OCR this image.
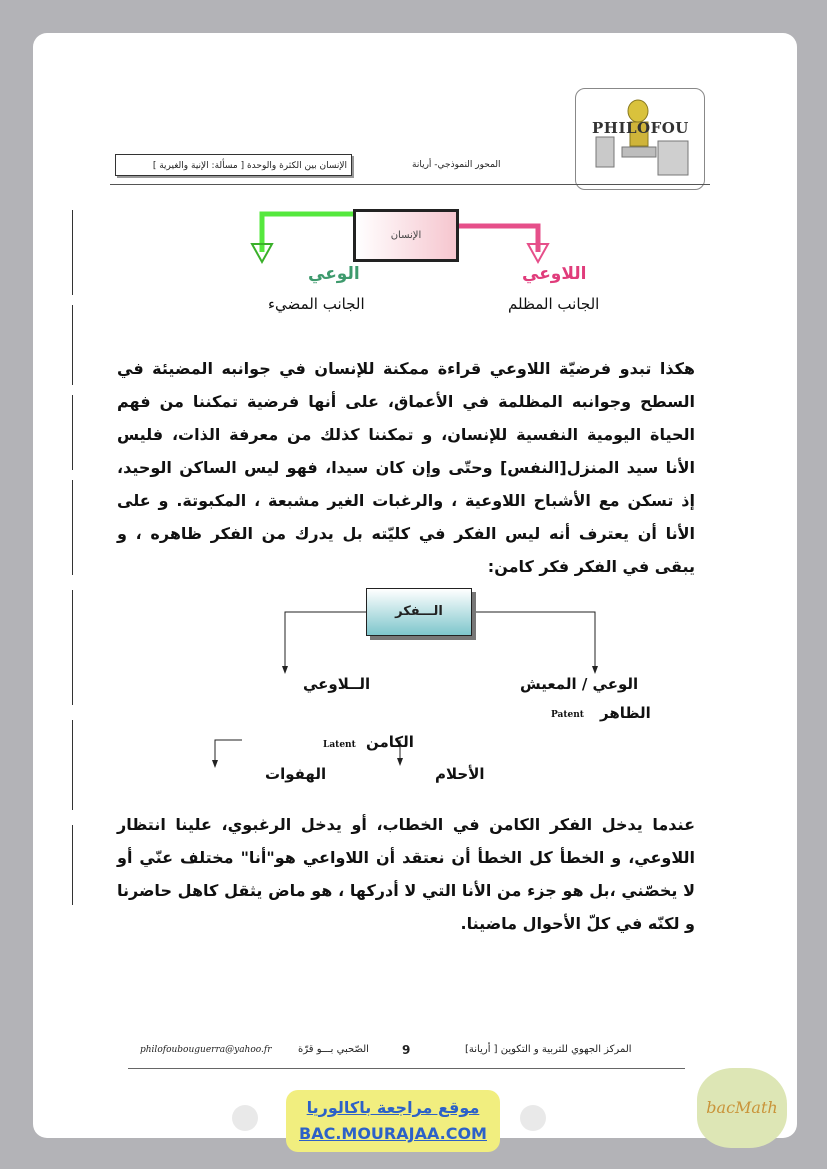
PHILOFOU
الإنسان بين الكثرة والوحدة [ مسألة: الإنية والغيرية ]	المحور النموذجي- أريانة
الإنسان
الوعي	اللاوعي
الجانب المضيء	الجانب المظلم
هكذا تبدو فرضيّة اللاوعي قراءة ممكنة للإنسان في جوانبه المضيئة في السطح وجوانبه المظلمة في الأعماق، على أنها فرضية تمكننا من فهم الحياة اليومية النفسية للإنسان، و تمكننا كذلك من معرفة الذات، فليس الأنا سيد المنزل[النفس] وحتّى وإن كان سيدا، فهو ليس الساكن الوحيد، إذ تسكن مع الأشباح اللاوعية ، والرغبات الغير مشبعة ، المكبوتة. و على الأنا أن يعترف أنه ليس الفكر في كليّته بل يدرك من الفكر ظاهره ، و يبقى في الفكر فكر كامن:
الـــفكر
الوعي / المعيش
الــلاوعي
Patent الظاهر
Latent الكامن
الأحلام
الهفوات
عندما يدخل الفكر الكامن في الخطاب، أو يدخل الرغبوي، علينا انتظار اللاوعي، و الخطأ كل الخطأ أن نعتقد أن اللاواعي هو"أنا" مختلف عنّي أو لا يخصّني ،بل هو جزء من الأنا التي لا أدركها ، هو ماض يثقل كاهل حاضرنا و لكنّه في كلّ الأحوال ماضينا.
philofoubouguerra@yahoo.fr	الصّحبي بـــو قرّة	9	المركز الجهوي للتربية و التكوين [ أريانة]
bacMath
موقع مراجعة باكالوريا
BAC.MOURAJAA.COM
